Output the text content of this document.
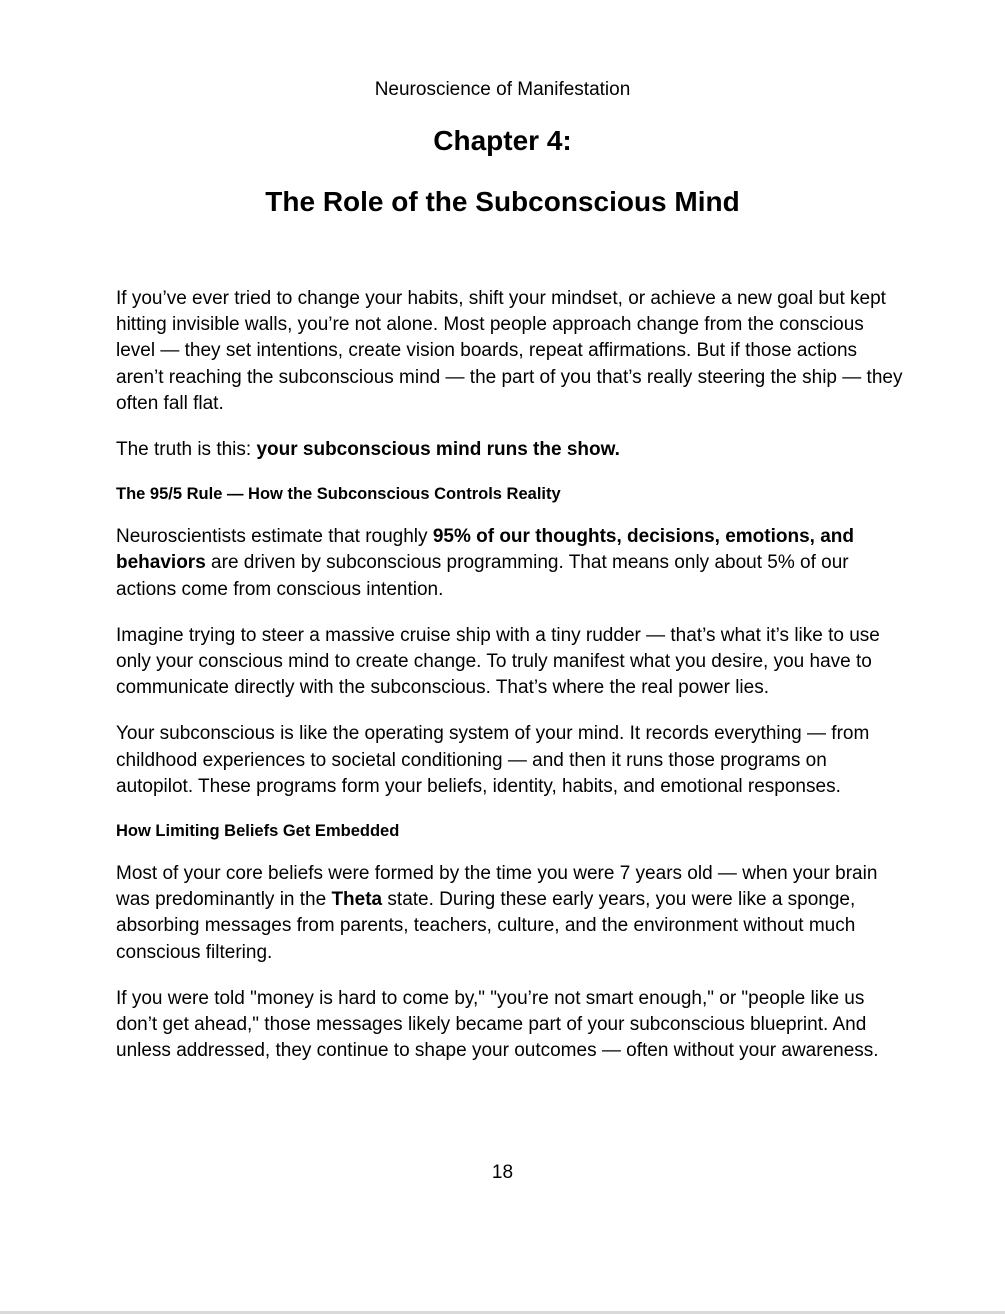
Neuroscience of Manifestation
Chapter 4:
The Role of the Subconscious Mind

If you’ve ever tried to change your habits, shift your mindset, or achieve a new goal but kept hitting invisible walls, you’re not alone. Most people approach change from the conscious level — they set intentions, create vision boards, repeat affirmations. But if those actions aren’t reaching the subconscious mind — the part of you that’s really steering the ship — they often fall flat.

The truth is this: your subconscious mind runs the show.

The 95/5 Rule — How the Subconscious Controls Reality

Neuroscientists estimate that roughly 95% of our thoughts, decisions, emotions, and behaviors are driven by subconscious programming. That means only about 5% of our actions come from conscious intention.

Imagine trying to steer a massive cruise ship with a tiny rudder — that’s what it’s like to use only your conscious mind to create change. To truly manifest what you desire, you have to communicate directly with the subconscious. That’s where the real power lies.

Your subconscious is like the operating system of your mind. It records everything — from childhood experiences to societal conditioning — and then it runs those programs on autopilot. These programs form your beliefs, identity, habits, and emotional responses.

How Limiting Beliefs Get Embedded

Most of your core beliefs were formed by the time you were 7 years old — when your brain was predominantly in the Theta state. During these early years, you were like a sponge, absorbing messages from parents, teachers, culture, and the environment without much conscious filtering.

If you were told "money is hard to come by," "you’re not smart enough," or "people like us don’t get ahead," those messages likely became part of your subconscious blueprint. And unless addressed, they continue to shape your outcomes — often without your awareness.

18
